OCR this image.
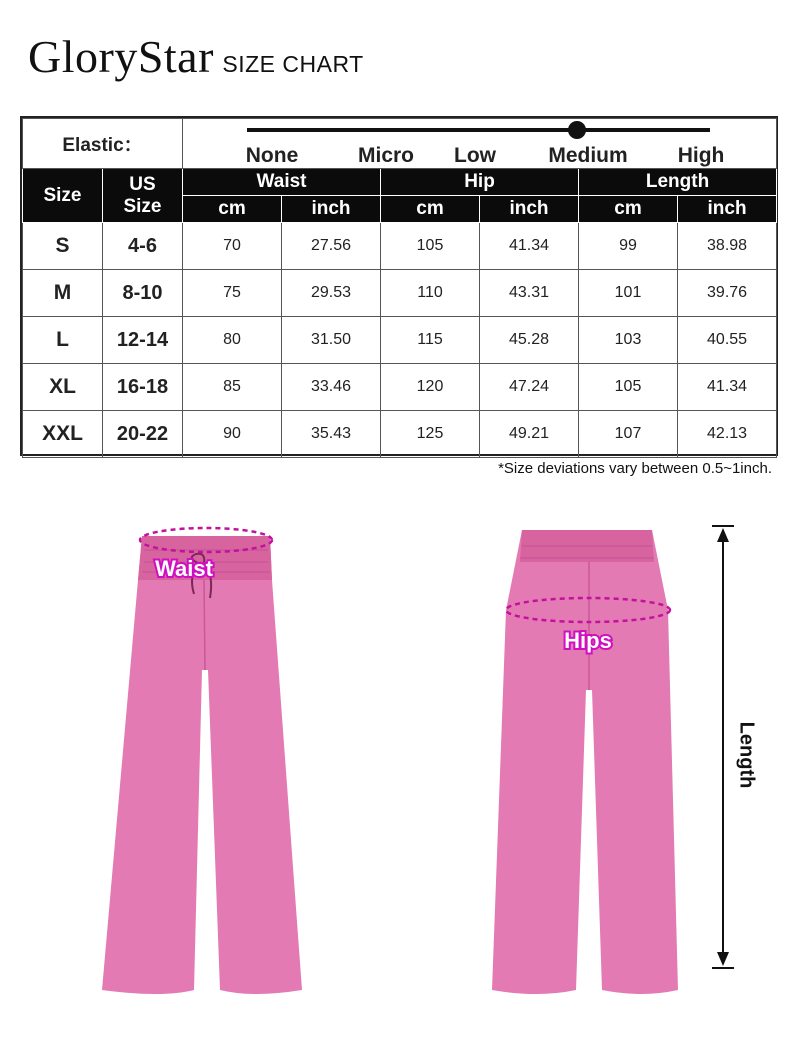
GloryStar SIZE CHART
Elastic：		None Micro Low Medium High					

Size	US
Size	Waist		Hip		Length	
		cm	inch	cm	inch	cm	inch
S	4-6	70	27.56	105	41.34	99	38.98
M	8-10	75	29.53	110	43.31	101	39.76
L	12-14	80	31.50	115	45.28	103	40.55
XL	16-18	85	33.46	120	47.24	105	41.34
XXL	20-22	90	35.43	125	49.21	107	42.13
*Size deviations vary between 0.5~1inch.
Waist
Hips
Length
